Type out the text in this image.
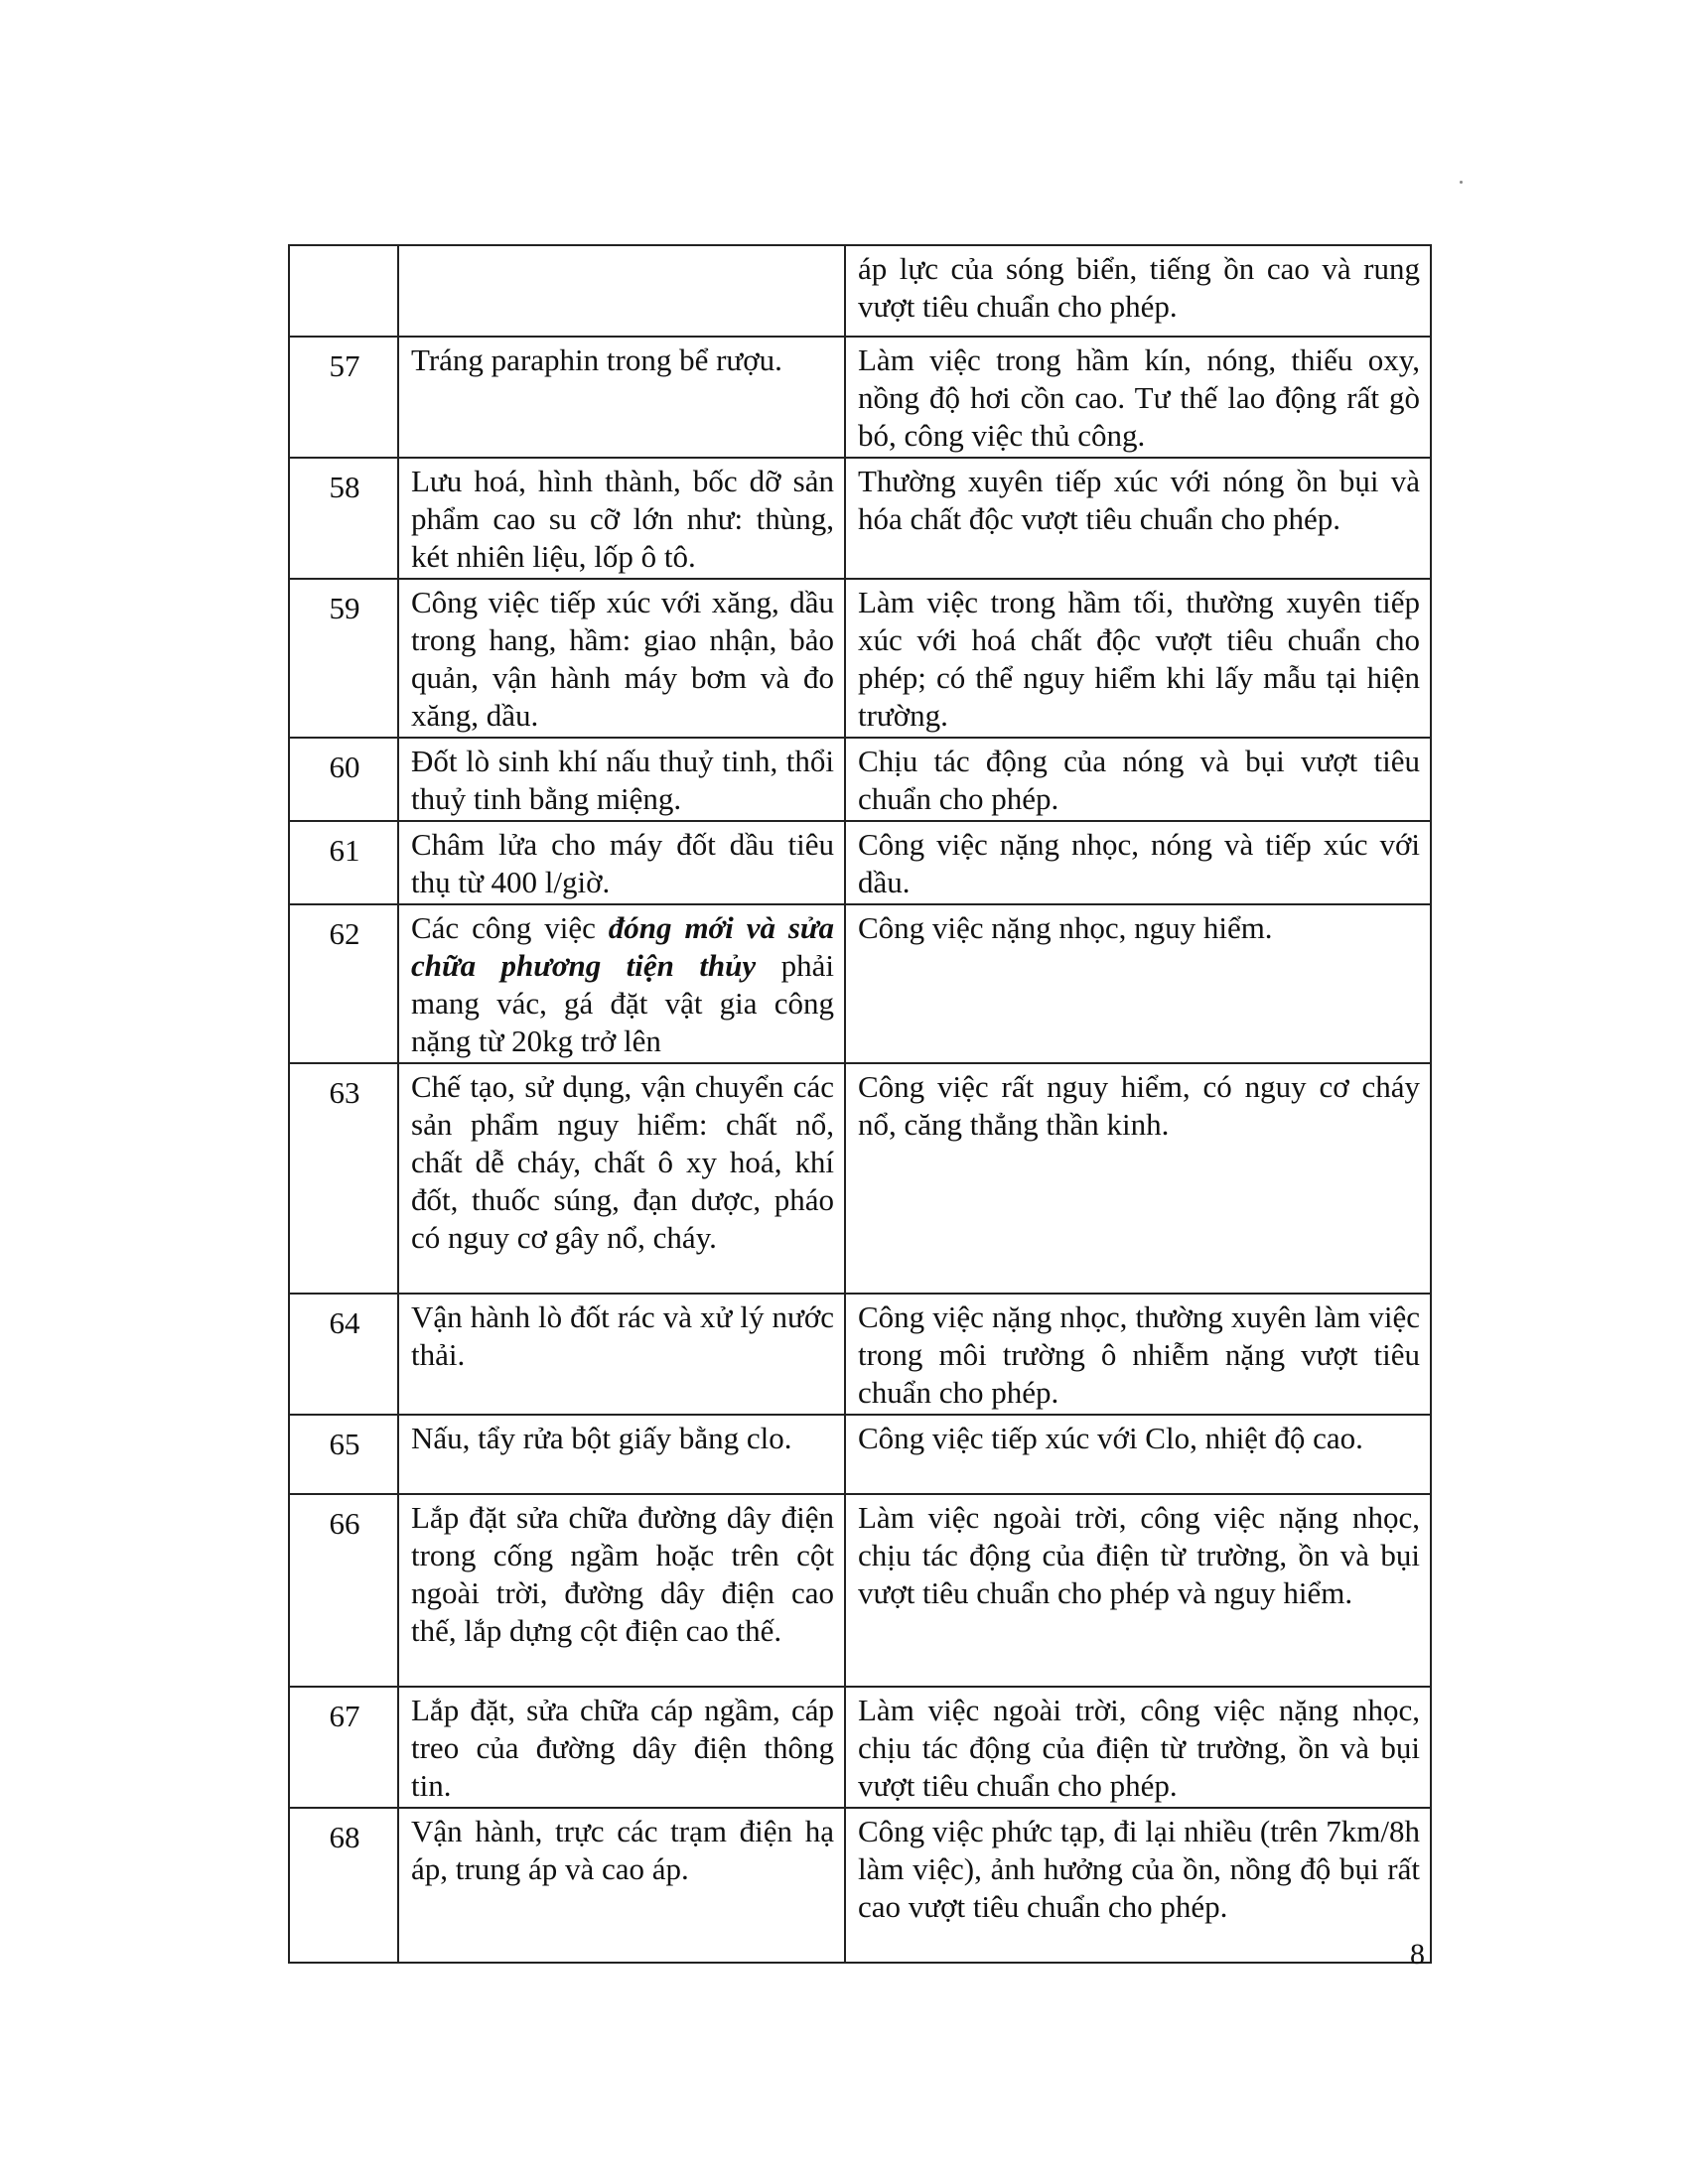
		áp lực của sóng biển, tiếng ồn cao và rung vượt tiêu chuẩn cho phép.
57	Tráng paraphin trong bể rượu.	Làm việc trong hầm kín, nóng, thiếu oxy, nồng độ hơi cồn cao. Tư thế lao động rất gò bó, công việc thủ công.
58	Lưu hoá, hình thành, bốc dỡ sản phẩm cao su cỡ lớn như: thùng, két nhiên liệu, lốp ô tô.	Thường xuyên tiếp xúc với nóng ồn bụi và hóa chất độc vượt tiêu chuẩn cho phép.
59	Công việc tiếp xúc với xăng, dầu trong hang, hầm: giao nhận, bảo quản, vận hành máy bơm và đo xăng, dầu.	Làm việc trong hầm tối, thường xuyên tiếp xúc với hoá chất độc vượt tiêu chuẩn cho phép; có thể nguy hiểm khi lấy mẫu tại hiện trường.
60	Đốt lò sinh khí nấu thuỷ tinh, thổi thuỷ tinh bằng miệng.	Chịu tác động của nóng và bụi vượt tiêu chuẩn cho phép.
61	Châm lửa cho máy đốt dầu tiêu thụ từ 400 l/giờ.	Công việc nặng nhọc, nóng và tiếp xúc với dầu.
62	Các công việc đóng mới và sửa chữa phương tiện thủy phải mang vác, gá đặt vật gia công nặng từ 20kg trở lên	Công việc nặng nhọc, nguy hiểm.
63	Chế tạo, sử dụng, vận chuyển các sản phẩm nguy hiểm: chất nổ, chất dễ cháy, chất ô xy hoá, khí đốt, thuốc súng, đạn dược, pháo có nguy cơ gây nổ, cháy.	Công việc rất nguy hiểm, có nguy cơ cháy nổ, căng thẳng thần kinh.
64	Vận hành lò đốt rác và xử lý nước thải.	Công việc nặng nhọc, thường xuyên làm việc trong môi trường ô nhiễm nặng vượt tiêu chuẩn cho phép.
65	Nấu, tẩy rửa bột giấy bằng clo.	Công việc tiếp xúc với Clo, nhiệt độ cao.
66	Lắp đặt sửa chữa đường dây điện trong cống ngầm hoặc trên cột ngoài trời, đường dây điện cao thế, lắp dựng cột điện cao thế.	Làm việc ngoài trời, công việc nặng nhọc, chịu tác động của điện từ trường, ồn và bụi vượt tiêu chuẩn cho phép và nguy hiểm.
67	Lắp đặt, sửa chữa cáp ngầm, cáp treo của đường dây điện thông tin.	Làm việc ngoài trời, công việc nặng nhọc, chịu tác động của điện từ trường, ồn và bụi vượt tiêu chuẩn cho phép.
68	Vận hành, trực các trạm điện hạ áp, trung áp và cao áp.	Công việc phức tạp, đi lại nhiều (trên 7km/8h làm việc), ảnh hưởng của ồn, nồng độ bụi rất cao vượt tiêu chuẩn cho phép.
8
